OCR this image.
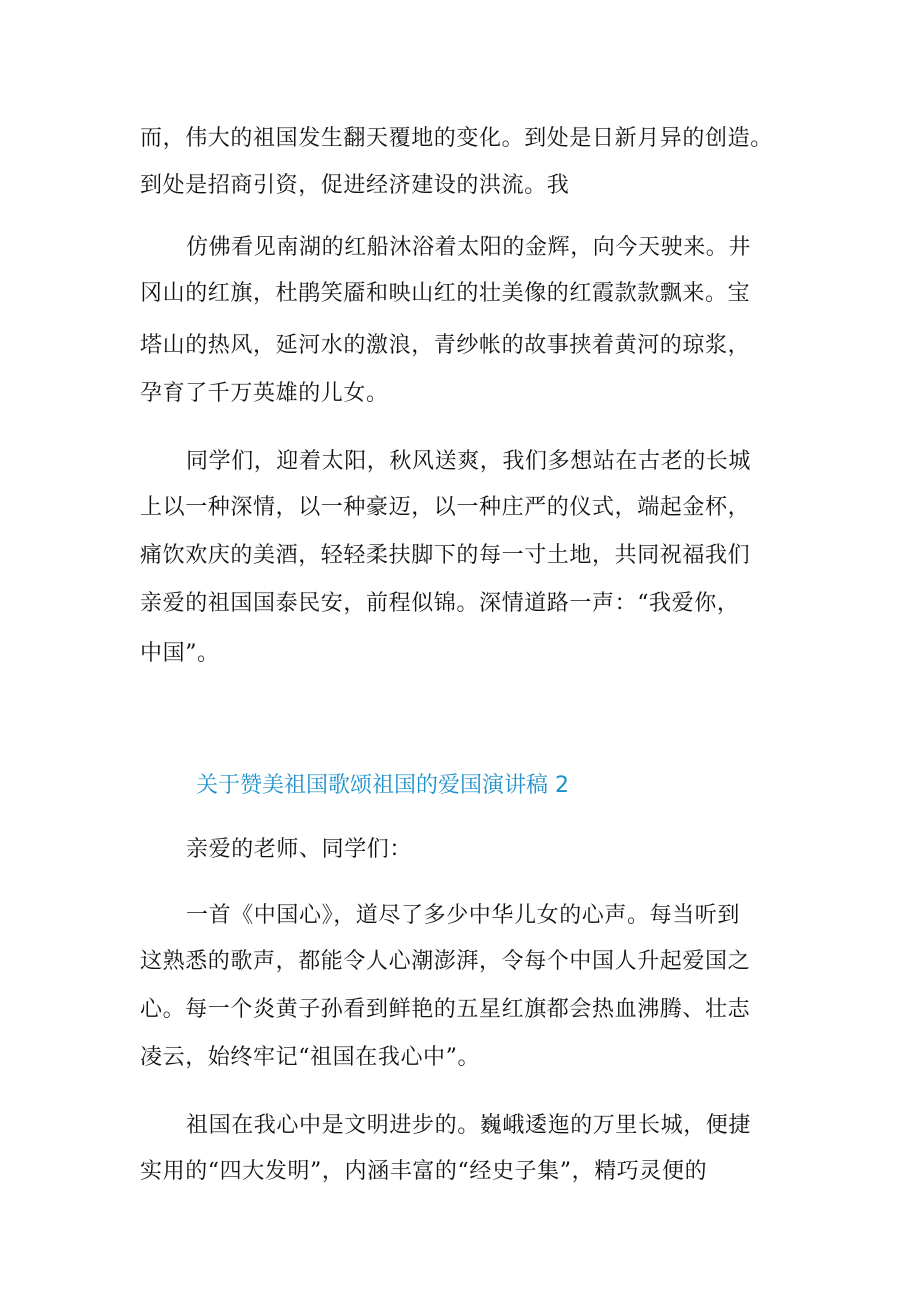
而，伟大的祖国发生翻天覆地的变化。到处是日新月异的创造。
到处是招商引资，促进经济建设的洪流。我
仿佛看见南湖的红船沐浴着太阳的金辉，向今天驶来。井
冈山的红旗，杜鹃笑靥和映山红的壮美像的红霞款款飘来。宝
塔山的热风，延河水的激浪，青纱帐的故事挟着黄河的琼浆，
孕育了千万英雄的儿女。
同学们，迎着太阳，秋风送爽，我们多想站在古老的长城
上以一种深情，以一种豪迈，以一种庄严的仪式，端起金杯，
痛饮欢庆的美酒，轻轻柔扶脚下的每一寸土地，共同祝福我们
亲爱的祖国国泰民安，前程似锦。深情道路一声：“我爱你，
中国”。
关于赞美祖国歌颂祖国的爱国演讲稿 2
亲爱的老师、同学们：
一首《中国心》，道尽了多少中华儿女的心声。每当听到
这熟悉的歌声，都能令人心潮澎湃，令每个中国人升起爱国之
心。每一个炎黄子孙看到鲜艳的五星红旗都会热血沸腾、壮志
凌云，始终牢记“祖国在我心中”。
祖国在我心中是文明进步的。巍峨逶迤的万里长城，便捷
实用的“四大发明”，内涵丰富的“经史子集”，精巧灵便的
